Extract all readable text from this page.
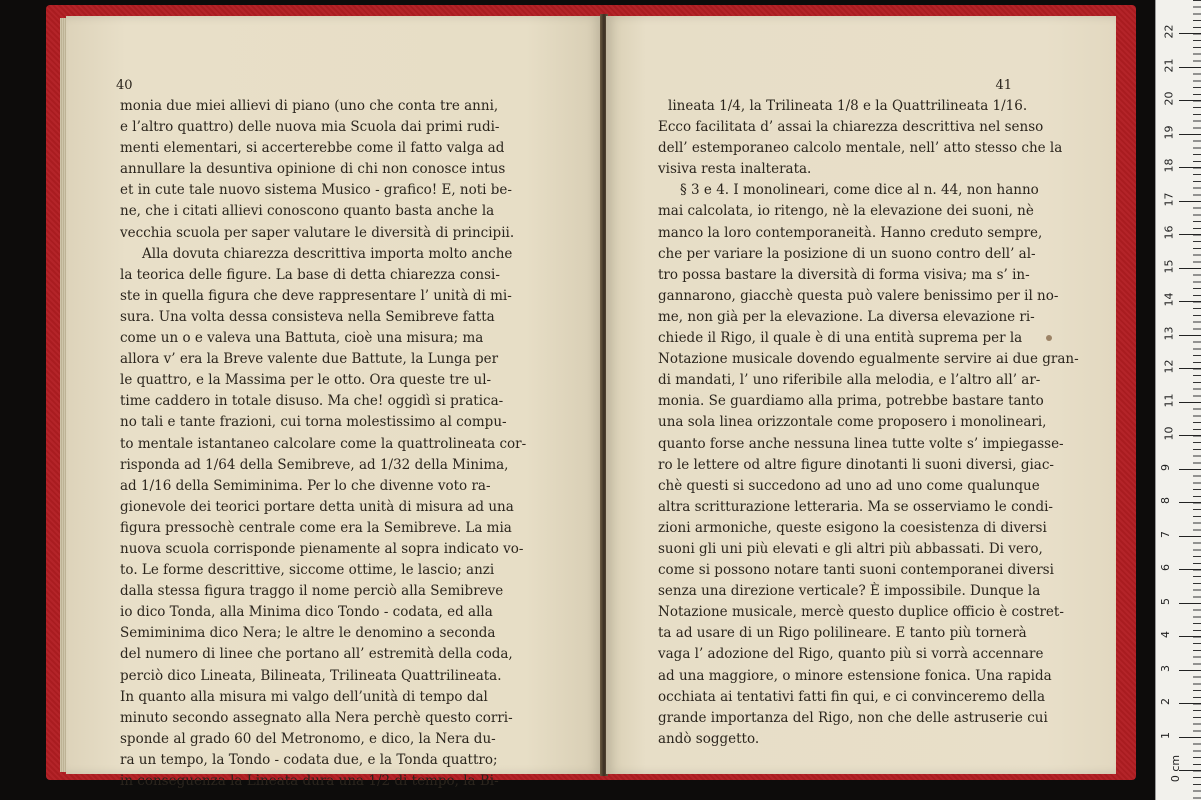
40
monia due miei allievi di piano (uno che conta tre anni,
e l’altro quattro) delle nuova mia Scuola dai primi rudi-
menti elementari, si accerterebbe come il fatto valga ad
annullare la desuntiva opinione di chi non conosce intus
et in cute tale nuovo sistema Musico - grafico! E, noti be-
ne, che i citati allievi conoscono quanto basta anche la
vecchia scuola per saper valutare le diversità di principii.
Alla dovuta chiarezza descrittiva importa molto anche
la teorica delle figure. La base di detta chiarezza consi-
ste in quella figura che deve rappresentare l’ unità di mi-
sura. Una volta dessa consisteva nella Semibreve fatta
come un o e valeva una Battuta, cioè una misura; ma
allora v’ era la Breve valente due Battute, la Lunga per
le quattro, e la Massima per le otto. Ora queste tre ul-
time caddero in totale disuso. Ma che! oggidì si pratica-
no tali e tante frazioni, cui torna molestissimo al compu-
to mentale istantaneo calcolare come la quattrolineata cor-
risponda ad 1/64 della Semibreve, ad 1/32 della Minima,
ad 1/16 della Semiminima. Per lo che divenne voto ra-
gionevole dei teorici portare detta unità di misura ad una
figura pressochè centrale come era la Semibreve. La mia
nuova scuola corrisponde pienamente al sopra indicato vo-
to. Le forme descrittive, siccome ottime, le lascio; anzi
dalla stessa figura traggo il nome perciò alla Semibreve
io dico Tonda, alla Minima dico Tondo - codata, ed alla
Semiminima dico Nera; le altre le denomino a seconda
del numero di linee che portano all’ estremità della coda,
perciò dico Lineata, Bilineata, Trilineata Quattrilineata.
In quanto alla misura mi valgo dell’unità di tempo dal
minuto secondo assegnato alla Nera perchè questo corri-
sponde al grado 60 del Metronomo, e dico, la Nera du-
ra un tempo, la Tondo - codata due, e la Tonda quattro;
in conseguenza la Lineata dura una 1/2 di tempo, la Bi-
41
lineata 1/4, la Trilineata 1/8 e la Quattrilineata 1/16.
Ecco facilitata d’ assai la chiarezza descrittiva nel senso
dell’ estemporaneo calcolo mentale, nell’ atto stesso che la
visiva resta inalterata.
§ 3 e 4. I monolineari, come dice al n. 44, non hanno
mai calcolata, io ritengo, nè la elevazione dei suoni, nè
manco la loro contemporaneità. Hanno creduto sempre,
che per variare la posizione di un suono contro dell’ al-
tro possa bastare la diversità di forma visiva; ma s’ in-
gannarono, giacchè questa può valere benissimo per il no-
me, non già per la elevazione. La diversa elevazione ri-
chiede il Rigo, il quale è di una entità suprema per la
Notazione musicale dovendo egualmente servire ai due gran-
di mandati, l’ uno riferibile alla melodia, e l’altro all’ ar-
monia. Se guardiamo alla prima, potrebbe bastare tanto
una sola linea orizzontale come proposero i monolineari,
quanto forse anche nessuna linea tutte volte s’ impiegasse-
ro le lettere od altre figure dinotanti li suoni diversi, giac-
chè questi si succedono ad uno ad uno come qualunque
altra scritturazione letteraria. Ma se osserviamo le condi-
zioni armoniche, queste esigono la coesistenza di diversi
suoni gli uni più elevati e gli altri più abbassati. Di vero,
come si possono notare tanti suoni contemporanei diversi
senza una direzione verticale? È impossibile. Dunque la
Notazione musicale, mercè questo duplice officio è costret-
ta ad usare di un Rigo polilineare. E tanto più tornerà
vaga l’ adozione del Rigo, quanto più si vorrà accennare
ad una maggiore, o minore estensione fonica. Una rapida
occhiata ai tentativi fatti fin qui, e ci convinceremo della
grande importanza del Rigo, non che delle astruserie cui
andò soggetto.
0 cm
1
2
3
4
5
6
7
8
9
10
11
12
13
14
15
16
17
18
19
20
21
22
